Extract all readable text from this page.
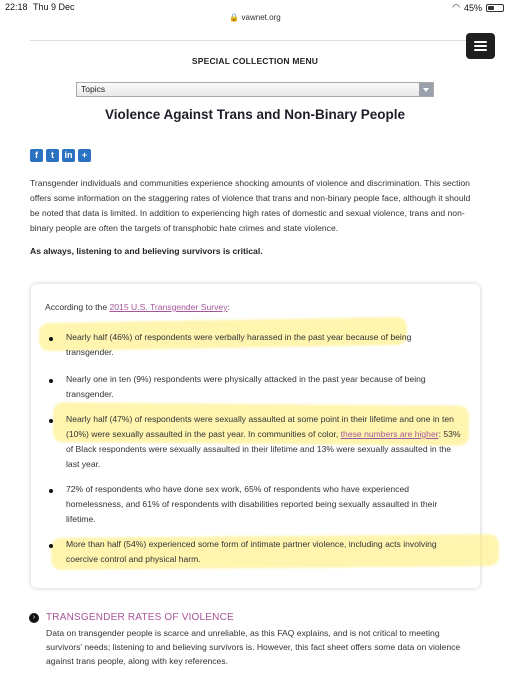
22:18 Thu 9 Dec
🔒 vawnet.org
◠ 45%
SPECIAL COLLECTION MENU
Topics
Violence Against Trans and Non-Binary People
f	t	in	+

Transgender individuals and communities experience shocking amounts of violence and discrimination. This section offers some information on the staggering rates of violence that trans and non-binary people face, although it should be noted that data is limited. In addition to experiencing high rates of domestic and sexual violence, trans and non-binary people are often the targets of transphobic hate crimes and state violence.

As always, listening to and believing survivors is critical.

According to the 2015 U.S. Transgender Survey:

Nearly half (46%) of respondents were verbally harassed in the past year because of being transgender.

Nearly one in ten (9%) respondents were physically attacked in the past year because of being transgender.

Nearly half (47%) of respondents were sexually assaulted at some point in their lifetime and one in ten (10%) were sexually assaulted in the past year. In communities of color, these numbers are higher: 53% of Black respondents were sexually assaulted in their lifetime and 13% were sexually assaulted in the last year.

72% of respondents who have done sex work, 65% of respondents who have experienced homelessness, and 61% of respondents with disabilities reported being sexually assaulted in their lifetime.

More than half (54%) experienced some form of intimate partner violence, including acts involving coercive control and physical harm.

›	TRANSGENDER RATES OF VIOLENCE

Data on transgender people is scarce and unreliable, as this FAQ explains, and is not critical to meeting survivors' needs; listening to and believing survivors is. However, this fact sheet offers some data on violence against trans people, along with key references.
